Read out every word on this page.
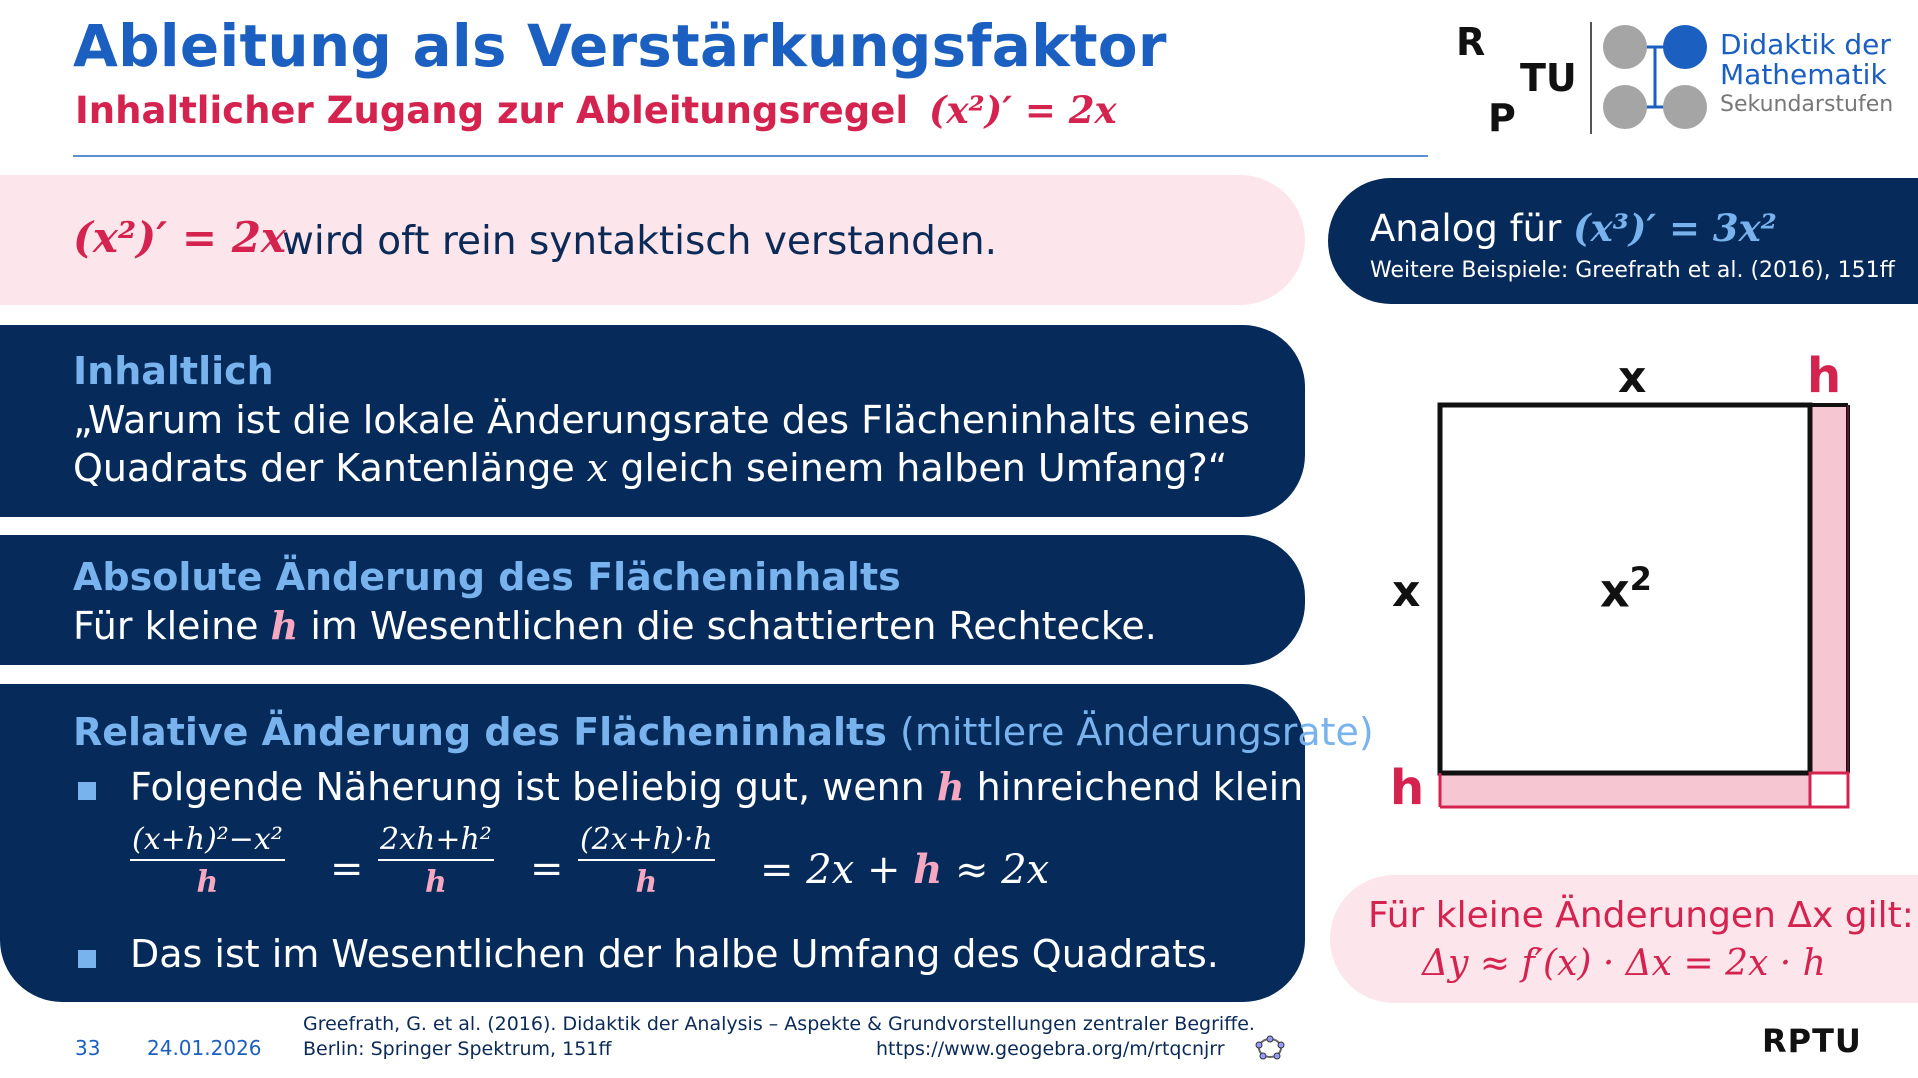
Ableitung als Verstärkungsfaktor
Inhaltlicher Zugang zur Ableitungsregel (x²)′ = 2x
R
TU
P
Didaktik der
Mathematik
Sekundarstufen
(x²)′ = 2x
wird oft rein syntaktisch verstanden.	Analog für (x³)′ = 3x²
Weitere Beispiele: Greefrath et al. (2016), 151ff
Inhaltlich
„Warum ist die lokale Änderungsrate des Flächeninhalts eines
Quadrats der Kantenlänge x gleich seinem halben Umfang?“
Absolute Änderung des Flächeninhalts
Für kleine h im Wesentlichen die schattierten Rechtecke.
Relative Änderung des Flächeninhalts (mittlere Änderungsrate)
Folgende Näherung ist beliebig gut, wenn h hinreichend klein ist:
$\frac{\text{(x+h)²−x²}}{h} = \frac{\text{2xh+h²}}{h} = \frac{(2x+h)\cdot h}{h} = 2x + h \approx 2x$
Das ist im Wesentlichen der halbe Umfang des Quadrats.
x	h
x
h
$x^2$
Für kleine Änderungen Δx gilt:
Δy ≈ f′(x) · Δx = 2x · h
33 24.01.2026
Greefrath, G. et al. (2016). Didaktik der Analysis – Aspekte & Grundvorstellungen zentraler Begriffe.
Berlin: Springer Spektrum, 151ff	https://www.geogebra.org/m/rtqcnjrr	RPTU
